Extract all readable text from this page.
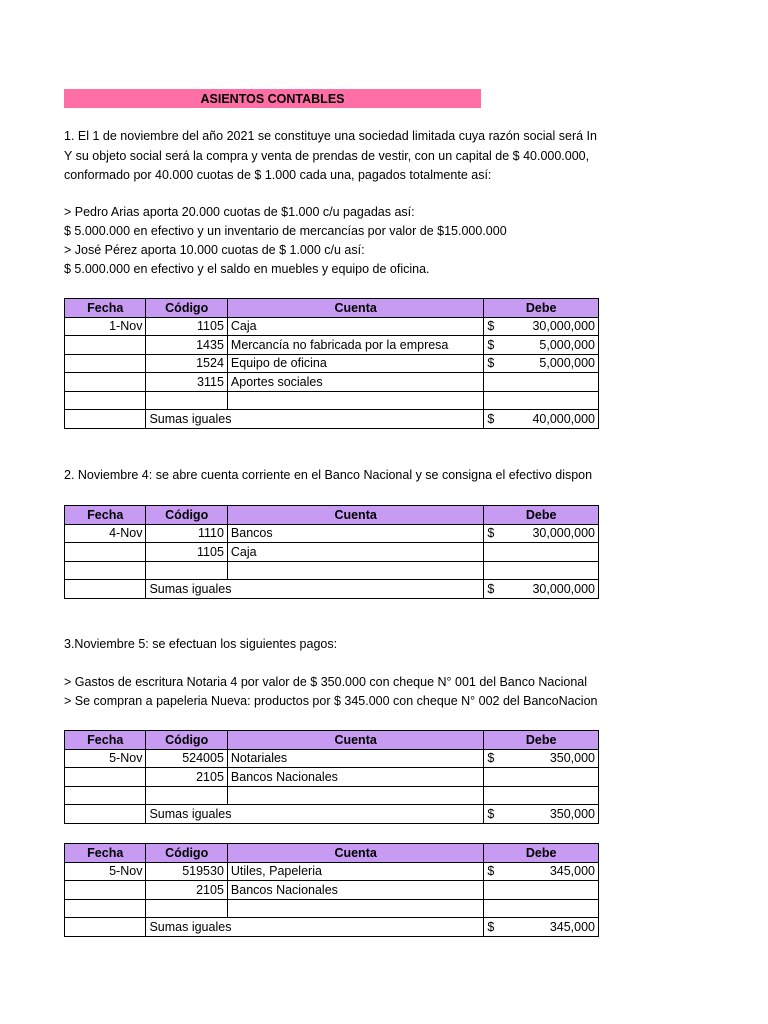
ASIENTOS CONTABLES
1. El 1 de noviembre del año 2021 se constituye una sociedad limitada cuya razón social será In
Y su objeto social será la compra y venta de prendas de vestir, con un capital de $ 40.000.000,
conformado por 40.000 cuotas de $ 1.000 cada una, pagados totalmente así:
> Pedro Arias aporta 20.000 cuotas de $1.000 c/u pagadas así:
$ 5.000.000 en efectivo y un inventario de mercancías por valor de $15.000.000
> José Pérez aporta 10.000 cuotas de $ 1.000 c/u así:
$ 5.000.000 en efectivo y el saldo en muebles y equipo de oficina.
Fecha	Código	Cuenta	Debe
1-Nov	1105	Caja	$ 30,000,000

	1435	Mercancía no fabricada por la empresa	$ 5,000,000

	1524	Equipo de oficina	$ 5,000,000

	3115	Aportes sociales	

	Sumas iguales		$ 40,000,000
2. Noviembre 4: se abre cuenta corriente en el Banco Nacional y se consigna el efectivo dispon
Fecha	Código	Cuenta	Debe
4-Nov	1110	Bancos	$ 30,000,000

	1105	Caja	

	Sumas iguales		$ 30,000,000
3.Noviembre 5: se efectuan los siguientes pagos:
> Gastos de escritura Notaria 4 por valor de $ 350.000 con cheque N° 001 del Banco Nacional
> Se compran a papeleria Nueva: productos por $ 345.000 con cheque N° 002 del BancoNacion
Fecha	Código	Cuenta	Debe
5-Nov	524005	Notariales	$ 350,000

	2105	Bancos Nacionales	

	Sumas iguales		$ 350,000
Fecha	Código	Cuenta	Debe
5-Nov	519530	Utiles, Papeleria	$ 345,000

	2105	Bancos Nacionales	

	Sumas iguales		$ 345,000
